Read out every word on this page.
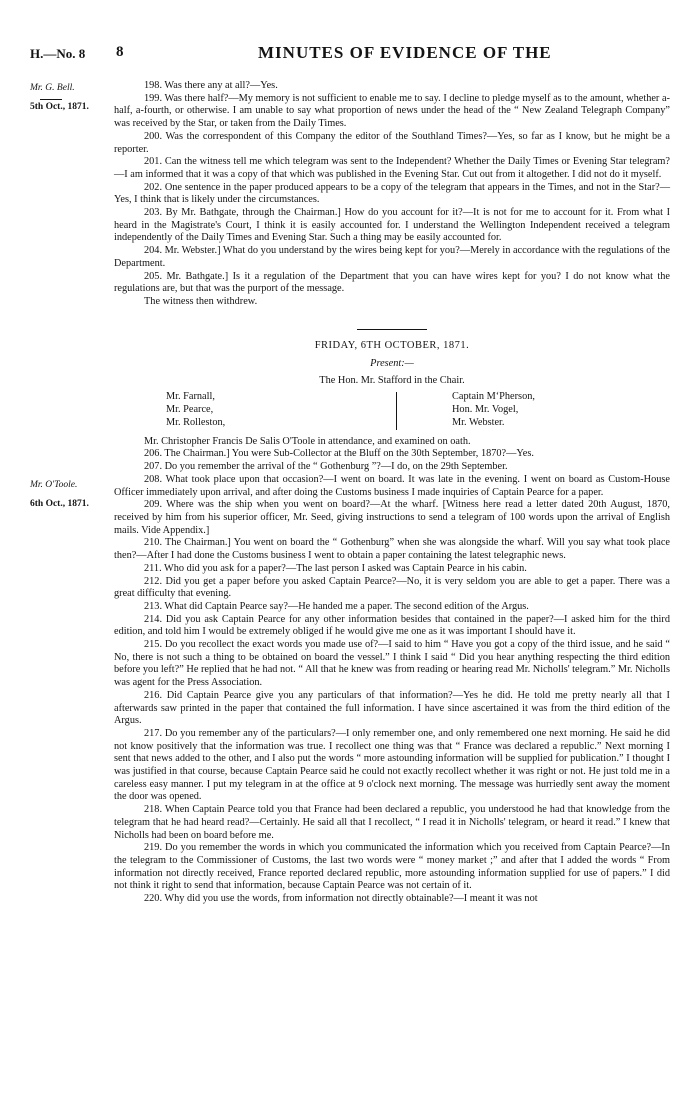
H.—No. 8 8	MINUTES OF EVIDENCE OF THE
Mr. G. Bell.
5th Oct., 1871.
Mr. O'Toole.
6th Oct., 1871.

198. Was there any at all?—Yes.

199. Was there half?—My memory is not sufficient to enable me to say. I decline to pledge myself as to the amount, whether a-half, a-fourth, or otherwise. I am unable to say what proportion of news under the head of the “ New Zealand Telegraph Company” was received by the Star, or taken from the Daily Times.

200. Was the correspondent of this Company the editor of the Southland Times?—Yes, so far as I know, but he might be a reporter.

201. Can the witness tell me which telegram was sent to the Independent? Whether the Daily Times or Evening Star telegram?—I am informed that it was a copy of that which was published in the Evening Star. Cut out from it altogether. I did not do it myself.

202. One sentence in the paper produced appears to be a copy of the telegram that appears in the Times, and not in the Star?—Yes, I think that is likely under the circumstances.

203. By Mr. Bathgate, through the Chairman.] How do you account for it?—It is not for me to account for it. From what I heard in the Magistrate's Court, I think it is easily accounted for. I understand the Wellington Independent received a telegram independently of the Daily Times and Evening Star. Such a thing may be easily accounted for.

204. Mr. Webster.] What do you understand by the wires being kept for you?—Merely in accordance with the regulations of the Department.

205. Mr. Bathgate.] Is it a regulation of the Department that you can have wires kept for you? I do not know what the regulations are, but that was the purport of the message.

The witness then withdrew.

FRIDAY, 6TH OCTOBER, 1871.
Present:—
The Hon. Mr. Stafford in the Chair.
Mr. Farnall,
Mr. Pearce,
Mr. Rolleston,
Captain M‘Pherson,
Hon. Mr. Vogel,
Mr. Webster.

Mr. Christopher Francis De Salis O'Toole in attendance, and examined on oath.

206. The Chairman.] You were Sub-Collector at the Bluff on the 30th September, 1870?—Yes.

207. Do you remember the arrival of the “ Gothenburg ”?—I do, on the 29th September.

208. What took place upon that occasion?—I went on board. It was late in the evening. I went on board as Custom-House Officer immediately upon arrival, and after doing the Customs business I made inquiries of Captain Pearce for a paper.

209. Where was the ship when you went on board?—At the wharf. [Witness here read a letter dated 20th August, 1870, received by him from his superior officer, Mr. Seed, giving instructions to send a telegram of 100 words upon the arrival of English mails. Vide Appendix.]

210. The Chairman.] You went on board the “ Gothenburg” when she was alongside the wharf. Will you say what took place then?—After I had done the Customs business I went to obtain a paper containing the latest telegraphic news.

211. Who did you ask for a paper?—The last person I asked was Captain Pearce in his cabin.

212. Did you get a paper before you asked Captain Pearce?—No, it is very seldom you are able to get a paper. There was a great difficulty that evening.

213. What did Captain Pearce say?—He handed me a paper. The second edition of the Argus.

214. Did you ask Captain Pearce for any other information besides that contained in the paper?—I asked him for the third edition, and told him I would be extremely obliged if he would give me one as it was important I should have it.

215. Do you recollect the exact words you made use of?—I said to him “ Have you got a copy of the third issue, and he said “ No, there is not such a thing to be obtained on board the vessel.” I think I said “ Did you hear anything respecting the third edition before you left?” He replied that he had not. “ All that he knew was from reading or hearing read Mr. Nicholls' telegram.” Mr. Nicholls was agent for the Press Association.

216. Did Captain Pearce give you any particulars of that information?—Yes he did. He told me pretty nearly all that I afterwards saw printed in the paper that contained the full information. I have since ascertained it was from the third edition of the Argus.

217. Do you remember any of the particulars?—I only remember one, and only remembered one next morning. He said he did not know positively that the information was true. I recollect one thing was that “ France was declared a republic.” Next morning I sent that news added to the other, and I also put the words “ more astounding information will be supplied for publication.” I thought I was justified in that course, because Captain Pearce said he could not exactly recollect whether it was right or not. He just told me in a careless easy manner. I put my telegram in at the office at 9 o'clock next morning. The message was hurriedly sent away the moment the door was opened.

218. When Captain Pearce told you that France had been declared a republic, you understood he had that knowledge from the telegram that he had heard read?—Certainly. He said all that I recollect, “ I read it in Nicholls' telegram, or heard it read.” I knew that Nicholls had been on board before me.

219. Do you remember the words in which you communicated the information which you received from Captain Pearce?—In the telegram to the Commissioner of Customs, the last two words were “ money market ;” and after that I added the words “ From information not directly received, France reported declared republic, more astounding information supplied for use of papers.” I did not think it right to send that information, because Captain Pearce was not certain of it.

220. Why did you use the words, from information not directly obtainable?—I meant it was not
